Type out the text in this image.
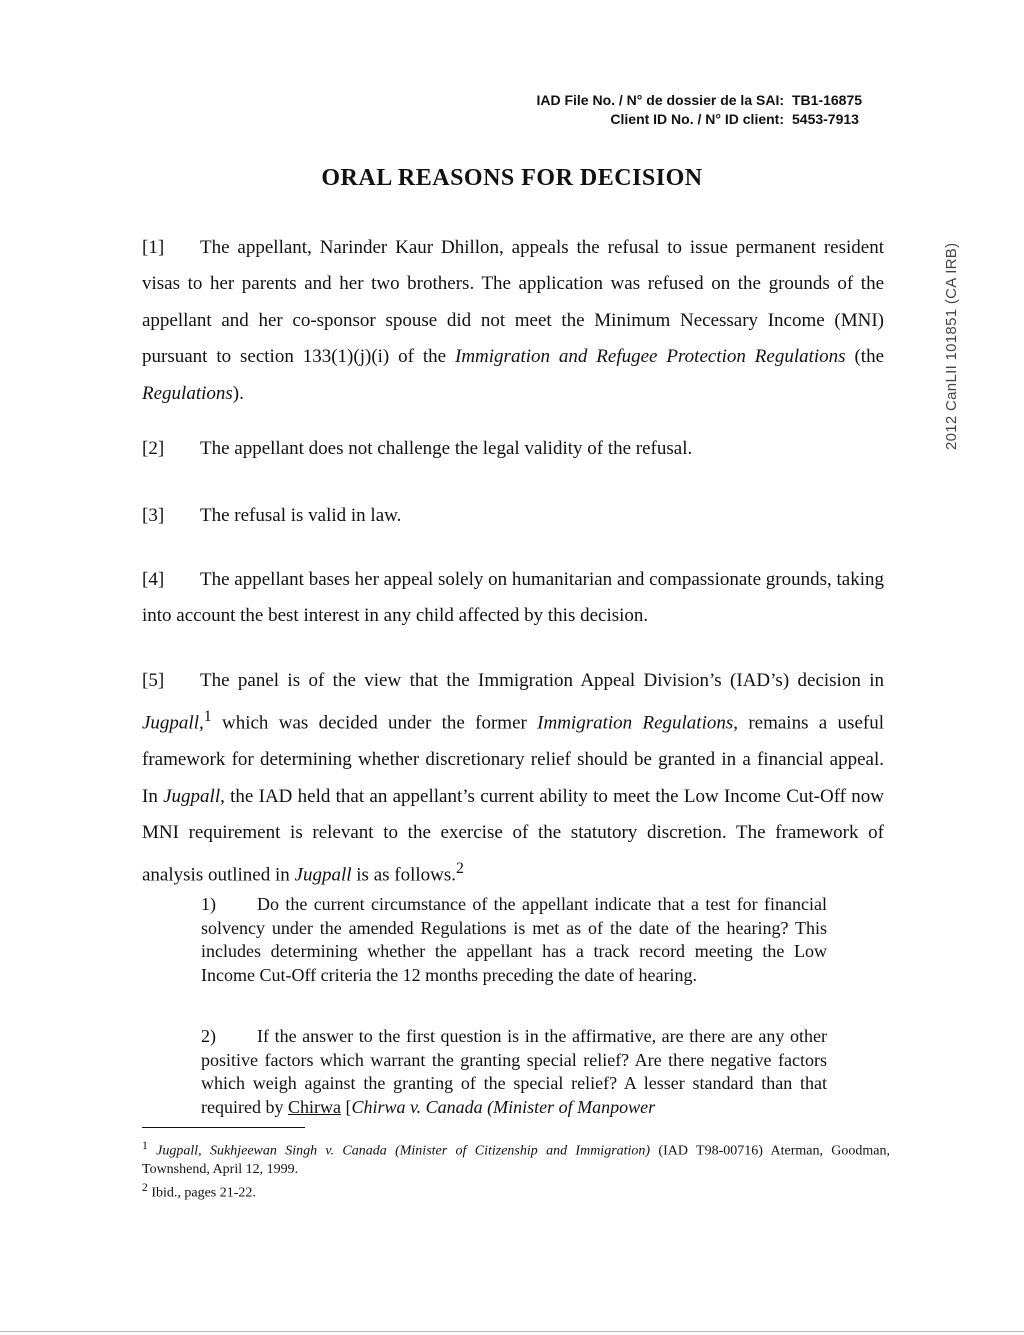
IAD File No. / N° de dossier de la SAI: TB1-16875
Client ID No. / N° ID client: 5453-7913
ORAL REASONS FOR DECISION
[1] The appellant, Narinder Kaur Dhillon, appeals the refusal to issue permanent resident visas to her parents and her two brothers. The application was refused on the grounds of the appellant and her co-sponsor spouse did not meet the Minimum Necessary Income (MNI) pursuant to section 133(1)(j)(i) of the Immigration and Refugee Protection Regulations (the Regulations).
[2] The appellant does not challenge the legal validity of the refusal.
[3] The refusal is valid in law.
[4] The appellant bases her appeal solely on humanitarian and compassionate grounds, taking into account the best interest in any child affected by this decision.
[5] The panel is of the view that the Immigration Appeal Division’s (IAD’s) decision in Jugpall,$^1$ which was decided under the former Immigration Regulations, remains a useful framework for determining whether discretionary relief should be granted in a financial appeal. In Jugpall, the IAD held that an appellant’s current ability to meet the Low Income Cut-Off now MNI requirement is relevant to the exercise of the statutory discretion. The framework of analysis outlined in Jugpall is as follows.$^2$
1) Do the current circumstance of the appellant indicate that a test for financial solvency under the amended Regulations is met as of the date of the hearing? This includes determining whether the appellant has a track record meeting the Low Income Cut-Off criteria the 12 months preceding the date of hearing.
2) If the answer to the first question is in the affirmative, are there are any other positive factors which warrant the granting special relief? Are there negative factors which weigh against the granting of the special relief? A lesser standard than that required by Chirwa [Chirwa v. Canada (Minister of Manpower
$^1$ Jugpall, Sukhjeewan Singh v. Canada (Minister of Citizenship and Immigration) (IAD T98-00716) Aterman, Goodman, Townshend, April 12, 1999.
$^2$ Ibid., pages 21-22.
2012 CanLII 101851 (CA IRB)
